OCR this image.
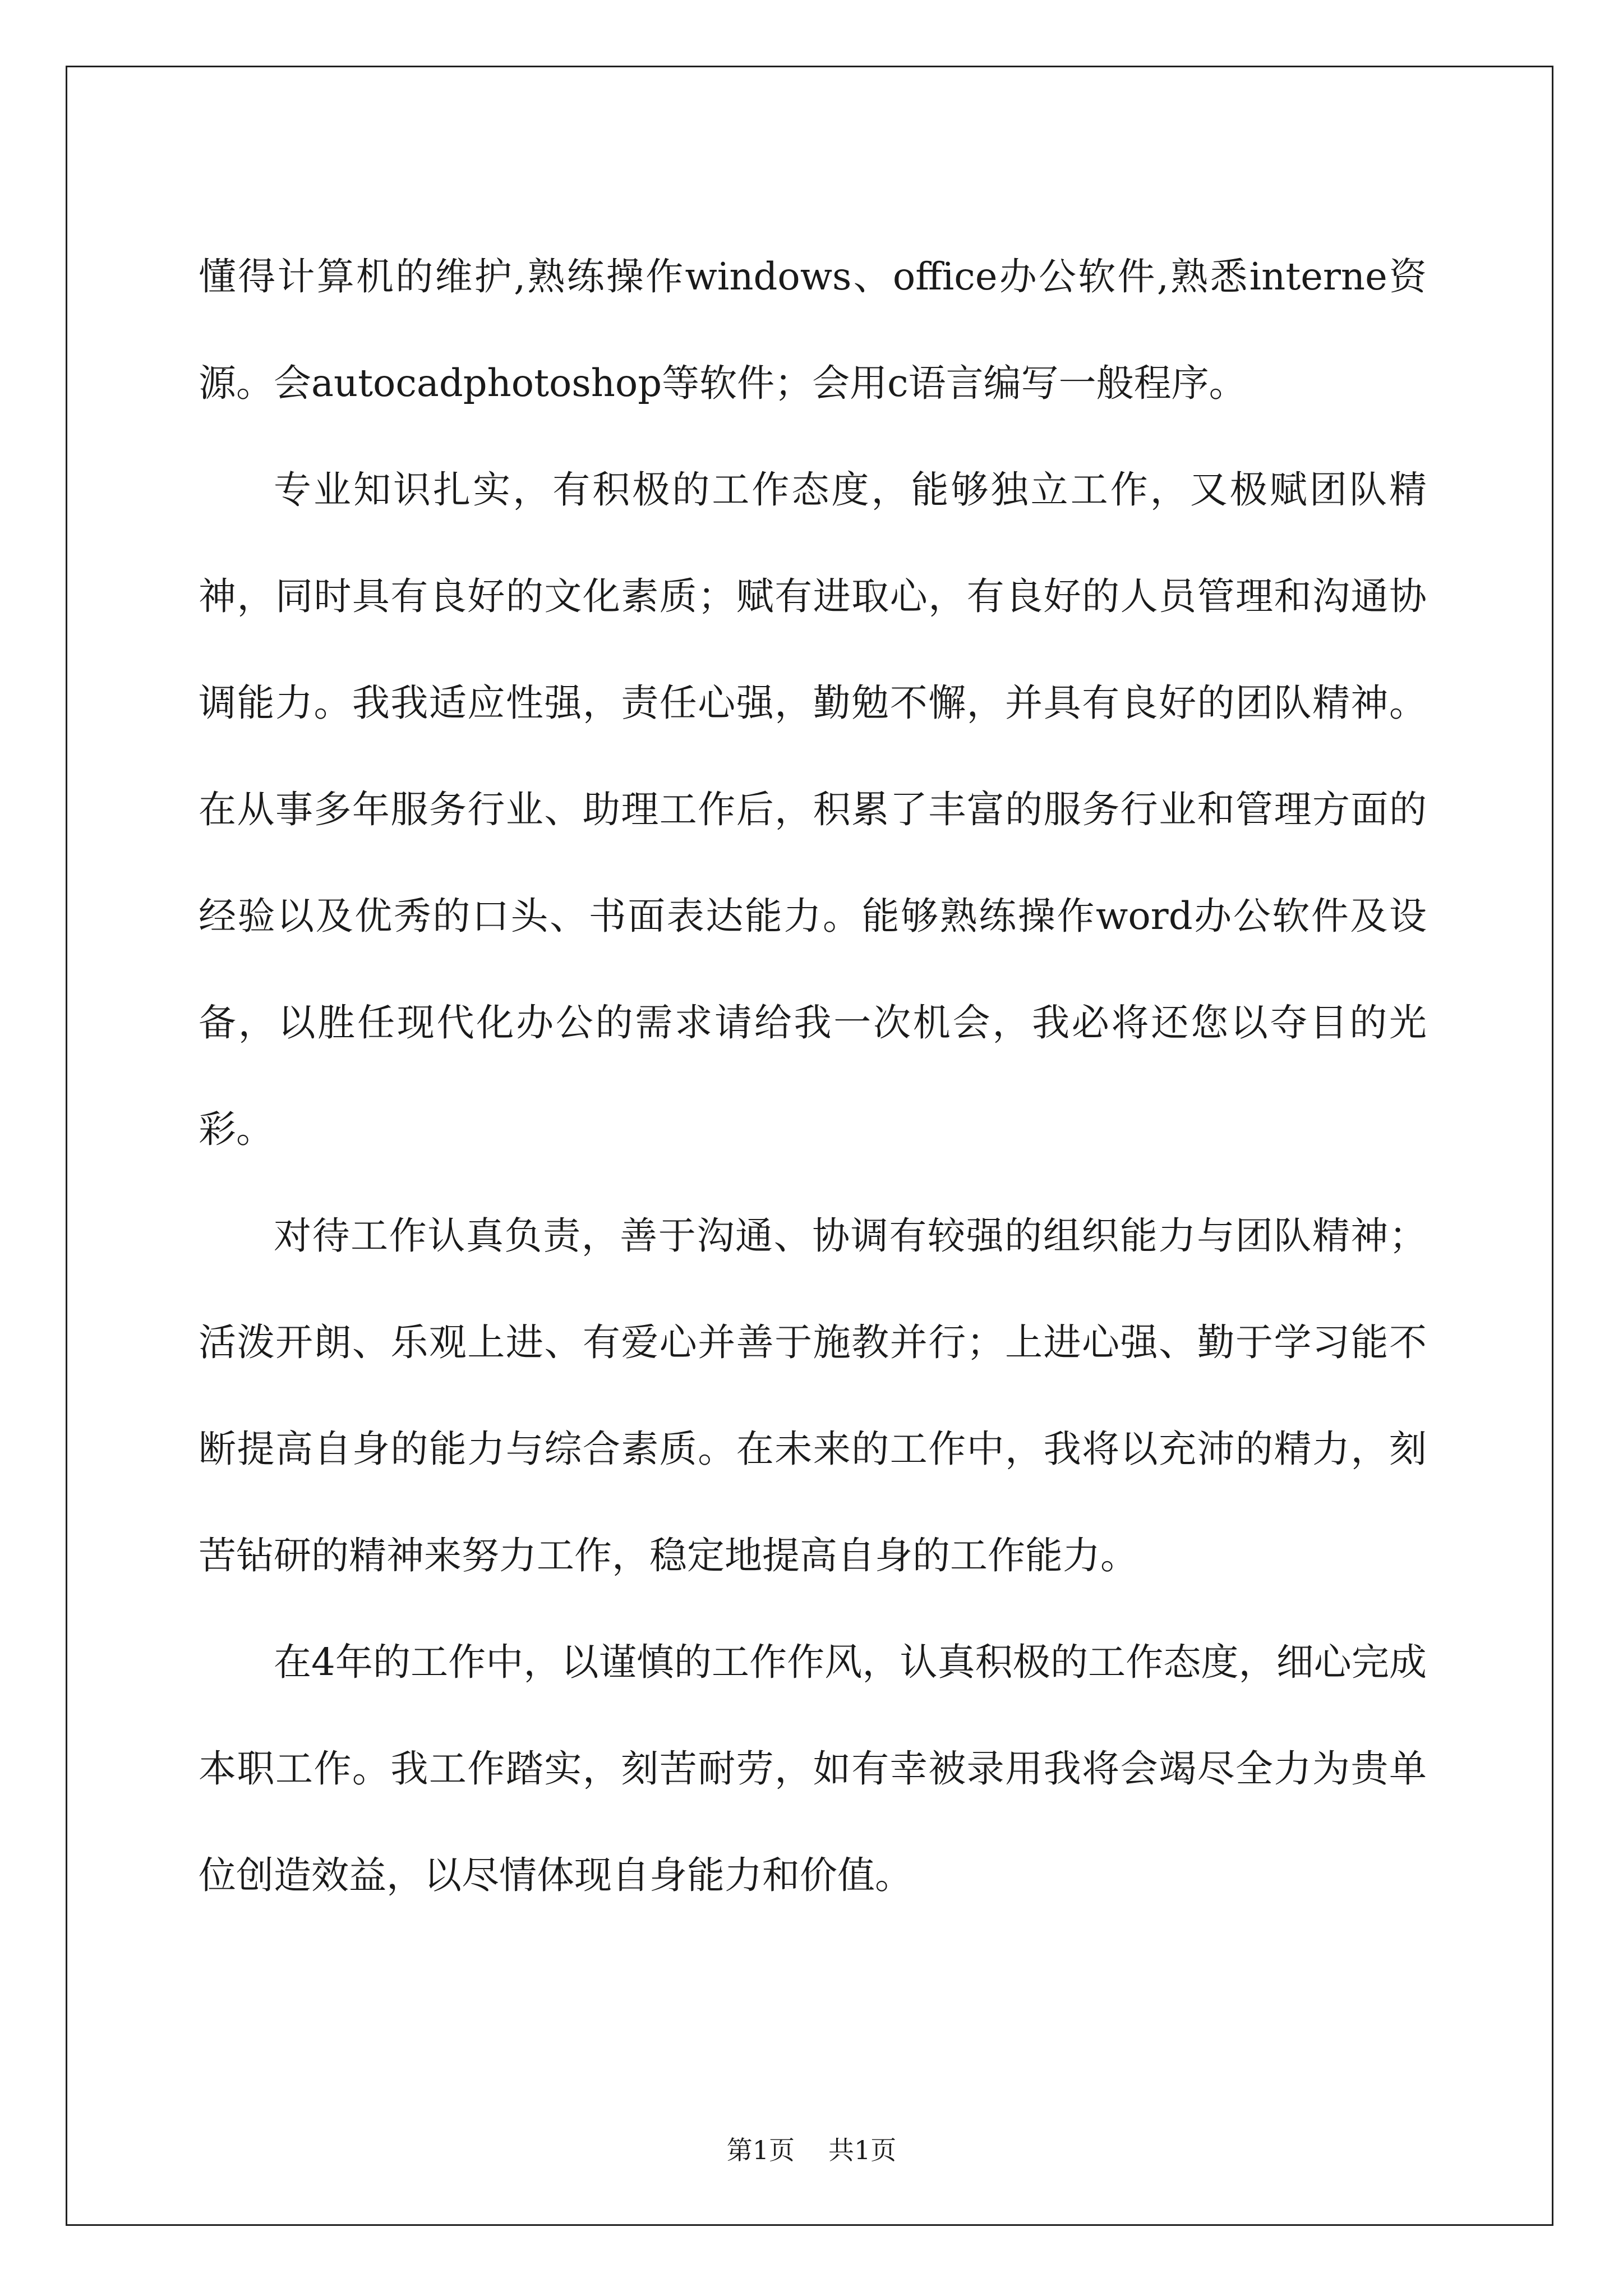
懂得计算机的维护,熟练操作windows、office办公软件,熟悉interne资源。会autocadphotoshop等软件；会用c语言编写一般程序。

专业知识扎实，有积极的工作态度，能够独立工作，又极赋团队精神，同时具有良好的文化素质；赋有进取心，有良好的人员管理和沟通协调能力。我我适应性强，责任心强，勤勉不懈，并具有良好的团队精神。在从事多年服务行业、助理工作后，积累了丰富的服务行业和管理方面的经验以及优秀的口头、书面表达能力。能够熟练操作word办公软件及设备，以胜任现代化办公的需求请给我一次机会，我必将还您以夺目的光彩。

对待工作认真负责，善于沟通、协调有较强的组织能力与团队精神；活泼开朗、乐观上进、有爱心并善于施教并行；上进心强、勤于学习能不断提高自身的能力与综合素质。在未来的工作中，我将以充沛的精力，刻苦钻研的精神来努力工作，稳定地提高自身的工作能力。

在4年的工作中，以谨慎的工作作风，认真积极的工作态度，细心完成本职工作。我工作踏实，刻苦耐劳，如有幸被录用我将会竭尽全力为贵单位创造效益，以尽情体现自身能力和价值。

第1页 共1页
